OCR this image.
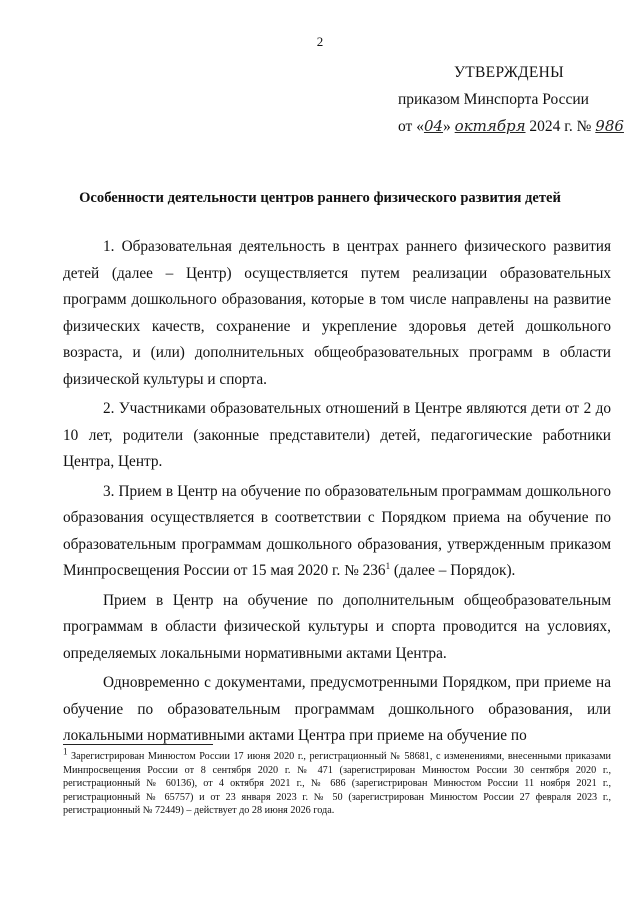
2
УТВЕРЖДЕНЫ
приказом Минспорта России
от «04» октября 2024 г. № 986
Особенности деятельности центров раннего физического развития детей

1. Образовательная деятельность в центрах раннего физического развития детей (далее – Центр) осуществляется путем реализации образовательных программ дошкольного образования, которые в том числе направлены на развитие физических качеств, сохранение и укрепление здоровья детей дошкольного возраста, и (или) дополнительных общеобразовательных программ в области физической культуры и спорта.

2. Участниками образовательных отношений в Центре являются дети от 2 до 10 лет, родители (законные представители) детей, педагогические работники Центра, Центр.

3. Прием в Центр на обучение по образовательным программам дошкольного образования осуществляется в соответствии с Порядком приема на обучение по образовательным программам дошкольного образования, утвержденным приказом Минпросвещения России от 15 мая 2020 г. № $236^1$ (далее – Порядок).

Прием в Центр на обучение по дополнительным общеобразовательным программам в области физической культуры и спорта проводится на условиях, определяемых локальными нормативными актами Центра.

Одновременно с документами, предусмотренными Порядком, при приеме на обучение по образовательным программам дошкольного образования, или локальными нормативными актами Центра при приеме на обучение по

$^1$ Зарегистрирован Минюстом России 17 июня 2020 г., регистрационный № 58681, с изменениями, внесенными приказами Минпросвещения России от 8 сентября 2020 г. № 471 (зарегистрирован Минюстом России 30 сентября 2020 г., регистрационный № 60136), от 4 октября 2021 г., № 686 (зарегистрирован Минюстом России 11 ноября 2021 г., регистрационный № 65757) и от 23 января 2023 г. № 50 (зарегистрирован Минюстом России 27 февраля 2023 г., регистрационный № 72449) – действует до 28 июня 2026 года.
